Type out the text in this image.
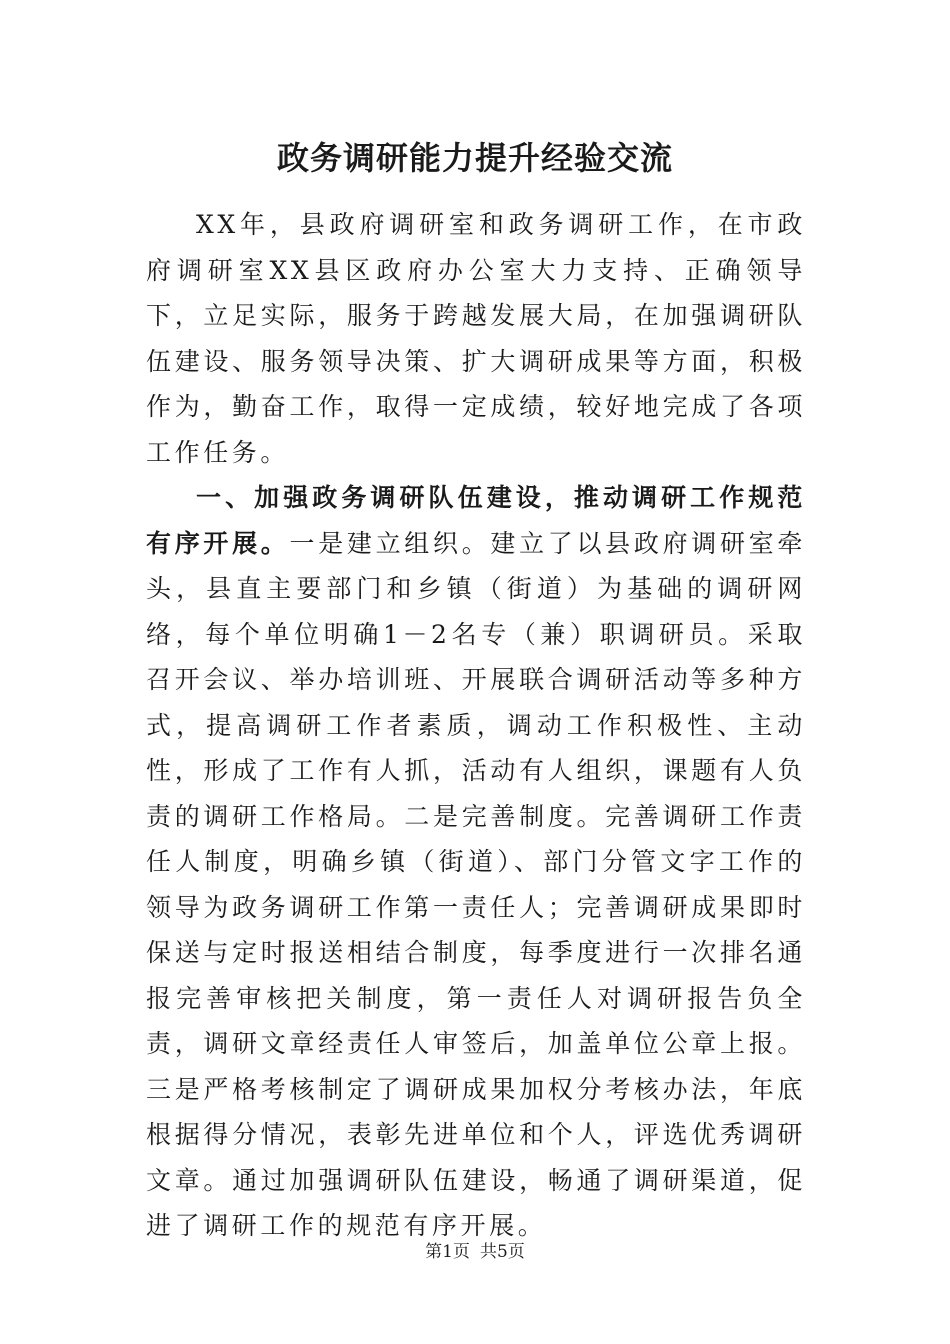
政务调研能力提升经验交流

XX年，县政府调研室和政务调研工作，在市政府调研室XX县区政府办公室大力支持、正确领导下，立足实际，服务于跨越发展大局，在加强调研队伍建设、服务领导决策、扩大调研成果等方面，积极作为，勤奋工作，取得一定成绩，较好地完成了各项工作任务。

一、加强政务调研队伍建设，推动调研工作规范有序开展。一是建立组织。建立了以县政府调研室牵头，县直主要部门和乡镇（街道）为基础的调研网络，每个单位明确1－2名专（兼）职调研员。采取召开会议、举办培训班、开展联合调研活动等多种方式，提高调研工作者素质，调动工作积极性、主动性，形成了工作有人抓，活动有人组织，课题有人负责的调研工作格局。二是完善制度。完善调研工作责任人制度，明确乡镇（街道）、部门分管文字工作的领导为政务调研工作第一责任人；完善调研成果即时保送与定时报送相结合制度，每季度进行一次排名通报完善审核把关制度，第一责任人对调研报告负全责，调研文章经责任人审签后，加盖单位公章上报。三是严格考核制定了调研成果加权分考核办法，年底根据得分情况，表彰先进单位和个人，评选优秀调研文章。通过加强调研队伍建设，畅通了调研渠道，促进了调研工作的规范有序开展。

第1页 共5页
